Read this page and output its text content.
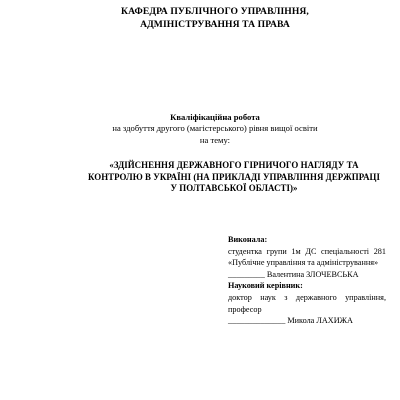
КАФЕДРА ПУБЛІЧНОГО УПРАВЛІННЯ,
АДМІНІСТРУВАННЯ ТА ПРАВА
Кваліфікаційна робота
на здобуття другого (магістерського) рівня вищої освіти
на тему:
«ЗДІЙСНЕННЯ ДЕРЖАВНОГО ГІРНИЧОГО НАГЛЯДУ ТА
КОНТРОЛЮ В УКРАЇНІ (НА ПРИКЛАДІ УПРАВЛІННЯ ДЕРЖПРАЦІ
У ПОЛТАВСЬКОЇ ОБЛАСТІ)»
Виконала:
студентка групи 1м ДС спеціальності 281 «Публічне управління та адміністрування»
_________ Валентина ЗЛОЧЕВСЬКА
Науковий керівник:
доктор наук з державного управління, професор
______________ Микола ЛАХИЖА
